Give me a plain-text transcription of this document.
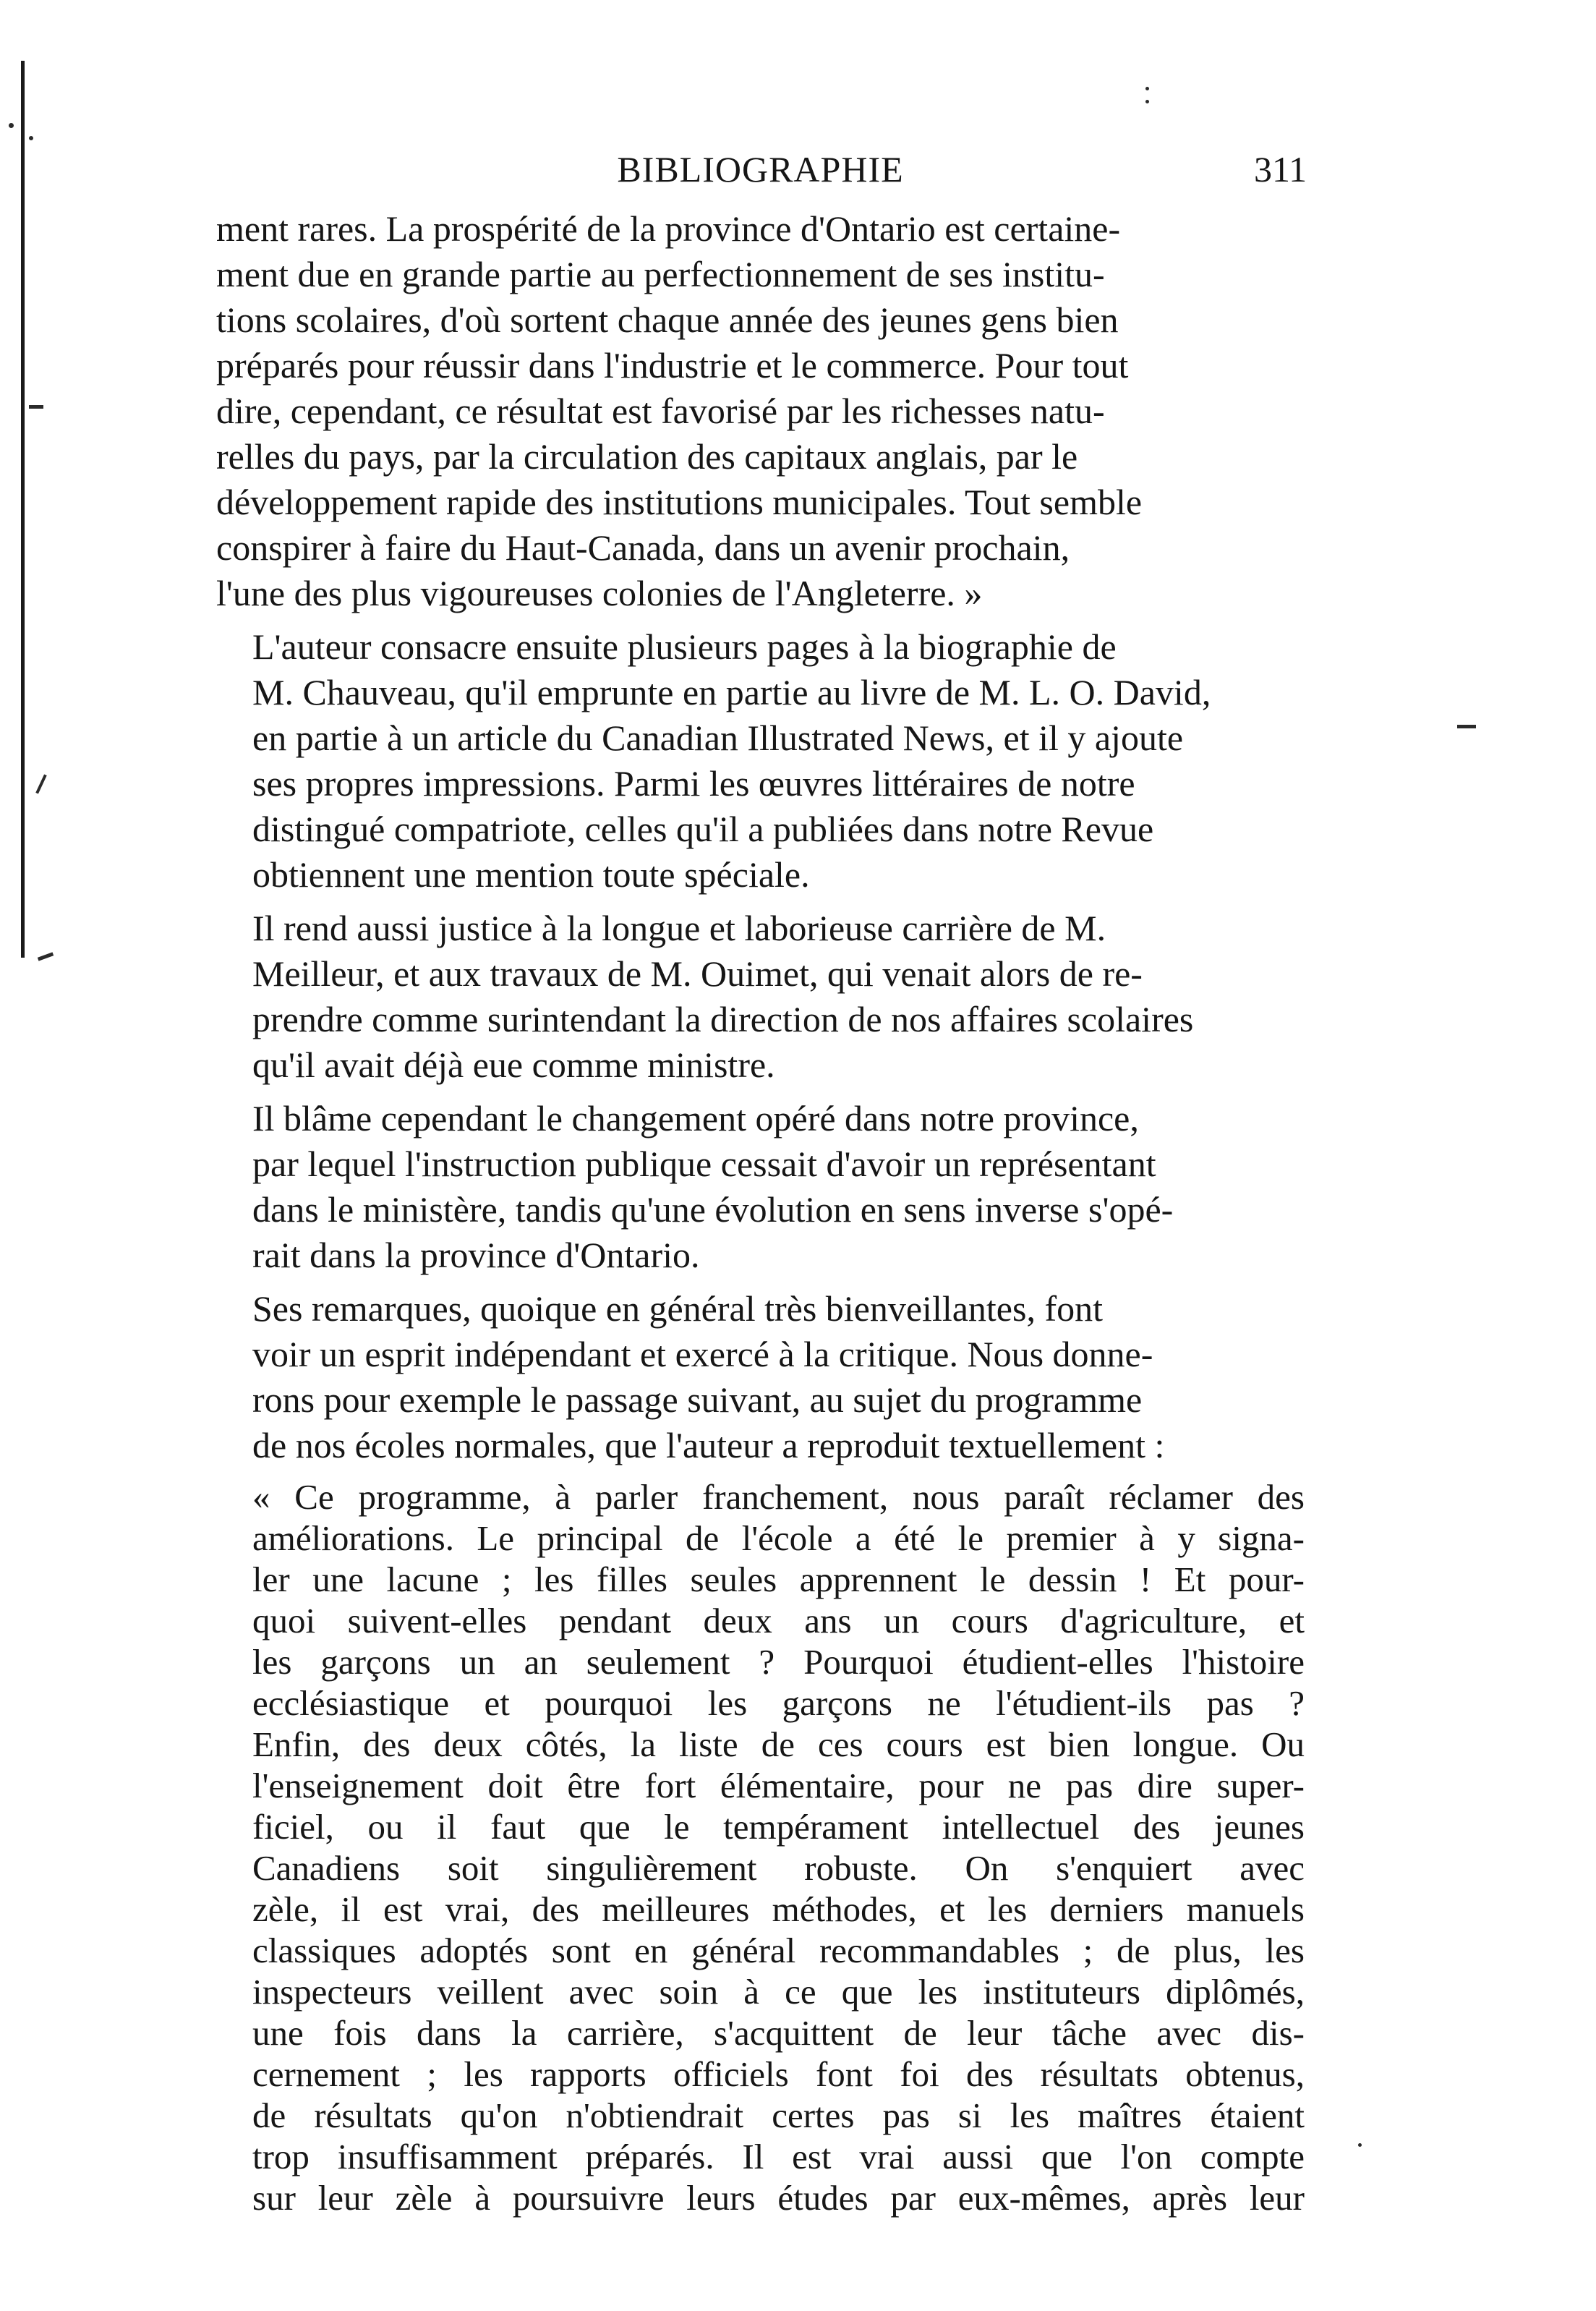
BIBLIOGRAPHIE	311

ment rares. La prospérité de la province d'Ontario est certaine-
ment due en grande partie au perfectionnement de ses institu-
tions scolaires, d'où sortent chaque année des jeunes gens bien
préparés pour réussir dans l'industrie et le commerce. Pour tout
dire, cependant, ce résultat est favorisé par les richesses natu-
relles du pays, par la circulation des capitaux anglais, par le
développement rapide des institutions municipales. Tout semble
conspirer à faire du Haut-Canada, dans un avenir prochain,
l'une des plus vigoureuses colonies de l'Angleterre. »

L'auteur consacre ensuite plusieurs pages à la biographie de
M. Chauveau, qu'il emprunte en partie au livre de M. L. O. David,
en partie à un article du Canadian Illustrated News, et il y ajoute
ses propres impressions. Parmi les œuvres littéraires de notre
distingué compatriote, celles qu'il a publiées dans notre Revue
obtiennent une mention toute spéciale.

Il rend aussi justice à la longue et laborieuse carrière de M.
Meilleur, et aux travaux de M. Ouimet, qui venait alors de re-
prendre comme surintendant la direction de nos affaires scolaires
qu'il avait déjà eue comme ministre.

Il blâme cependant le changement opéré dans notre province,
par lequel l'instruction publique cessait d'avoir un représentant
dans le ministère, tandis qu'une évolution en sens inverse s'opé-
rait dans la province d'Ontario.

Ses remarques, quoique en général très bienveillantes, font
voir un esprit indépendant et exercé à la critique. Nous donne-
rons pour exemple le passage suivant, au sujet du programme
de nos écoles normales, que l'auteur a reproduit textuellement :

« Ce programme, à parler franchement, nous paraît réclamer des
améliorations. Le principal de l'école a été le premier à y signa-
ler une lacune ; les filles seules apprennent le dessin ! Et pour-
quoi suivent-elles pendant deux ans un cours d'agriculture, et
les garçons un an seulement ? Pourquoi étudient-elles l'histoire
ecclésiastique et pourquoi les garçons ne l'étudient-ils pas ?
Enfin, des deux côtés, la liste de ces cours est bien longue. Ou
l'enseignement doit être fort élémentaire, pour ne pas dire super-
ficiel, ou il faut que le tempérament intellectuel des jeunes
Canadiens soit singulièrement robuste. On s'enquiert avec
zèle, il est vrai, des meilleures méthodes, et les derniers manuels
classiques adoptés sont en général recommandables ; de plus, les
inspecteurs veillent avec soin à ce que les instituteurs diplômés,
une fois dans la carrière, s'acquittent de leur tâche avec dis-
cernement ; les rapports officiels font foi des résultats obtenus,
de résultats qu'on n'obtiendrait certes pas si les maîtres étaient
trop insuffisamment préparés. Il est vrai aussi que l'on compte
sur leur zèle à poursuivre leurs études par eux-mêmes, après leur
